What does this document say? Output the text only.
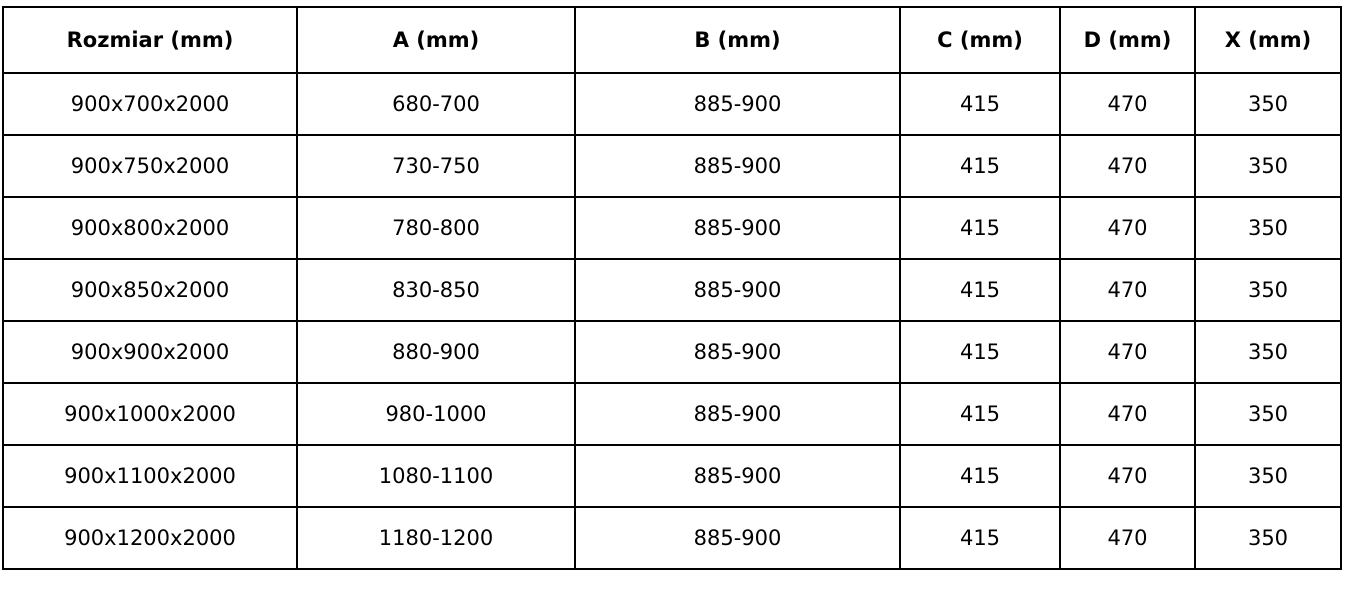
Rozmiar (mm)	A (mm)	B (mm)	C (mm)	D (mm)	X (mm)
900x700x2000	680-700	885-900	415	470	350
900x750x2000	730-750	885-900	415	470	350
900x800x2000	780-800	885-900	415	470	350
900x850x2000	830-850	885-900	415	470	350
900x900x2000	880-900	885-900	415	470	350
900x1000x2000	980-1000	885-900	415	470	350
900x1100x2000	1080-1100	885-900	415	470	350
900x1200x2000	1180-1200	885-900	415	470	350
